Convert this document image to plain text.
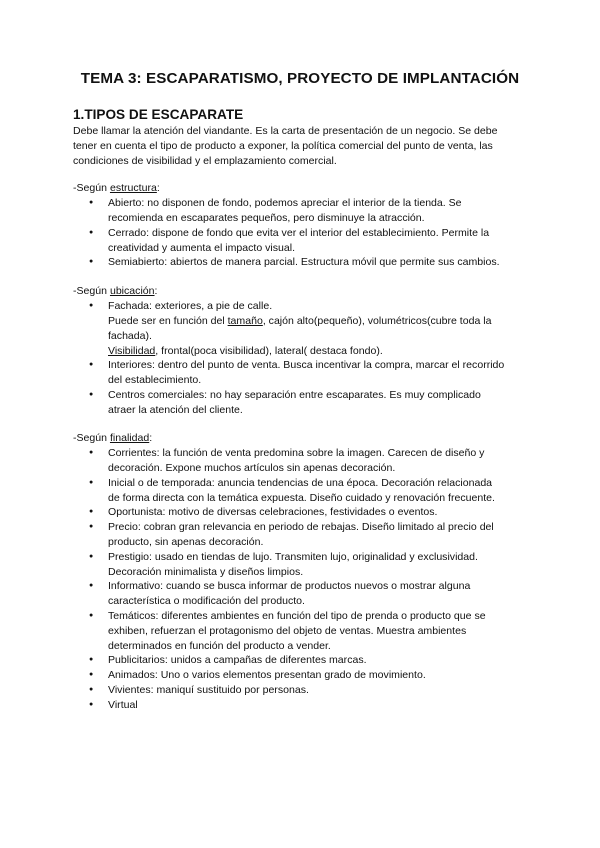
TEMA 3: ESCAPARATISMO, PROYECTO DE IMPLANTACIÓN
1.TIPOS DE ESCAPARATE

Debe llamar la atención del viandante. Es la carta de presentación de un negocio. Se debe
tener en cuenta el tipo de producto a exponer, la política comercial del punto de venta, las
condiciones de visibilidad y el emplazamiento comercial.

-Según estructura:

● Abierto: no disponen de fondo, podemos apreciar el interior de la tienda. Se
recomienda en escaparates pequeños, pero disminuye la atracción.
● Cerrado: dispone de fondo que evita ver el interior del establecimiento. Permite la
creatividad y aumenta el impacto visual.
● Semiabierto: abiertos de manera parcial. Estructura móvil que permite sus cambios.

-Según ubicación:

● Fachada: exteriores, a pie de calle.
Puede ser en función del tamaño, cajón alto(pequeño), volumétricos(cubre toda la
fachada).
Visibilidad, frontal(poca visibilidad), lateral( destaca fondo).
● Interiores: dentro del punto de venta. Busca incentivar la compra, marcar el recorrido
del establecimiento.
● Centros comerciales: no hay separación entre escaparates. Es muy complicado
atraer la atención del cliente.

-Según finalidad:

● Corrientes: la función de venta predomina sobre la imagen. Carecen de diseño y
decoración. Expone muchos artículos sin apenas decoración.
● Inicial o de temporada: anuncia tendencias de una época. Decoración relacionada
de forma directa con la temática expuesta. Diseño cuidado y renovación frecuente.
● Oportunista: motivo de diversas celebraciones, festividades o eventos.
● Precio: cobran gran relevancia en periodo de rebajas. Diseño limitado al precio del
producto, sin apenas decoración.
● Prestigio: usado en tiendas de lujo. Transmiten lujo, originalidad y exclusividad.
Decoración minimalista y diseños limpios.
● Informativo: cuando se busca informar de productos nuevos o mostrar alguna
característica o modificación del producto.
● Temáticos: diferentes ambientes en función del tipo de prenda o producto que se
exhiben, refuerzan el protagonismo del objeto de ventas. Muestra ambientes
determinados en función del producto a vender.
● Publicitarios: unidos a campañas de diferentes marcas.
● Animados: Uno o varios elementos presentan grado de movimiento.
● Vivientes: maniquí sustituido por personas.
● Virtual
